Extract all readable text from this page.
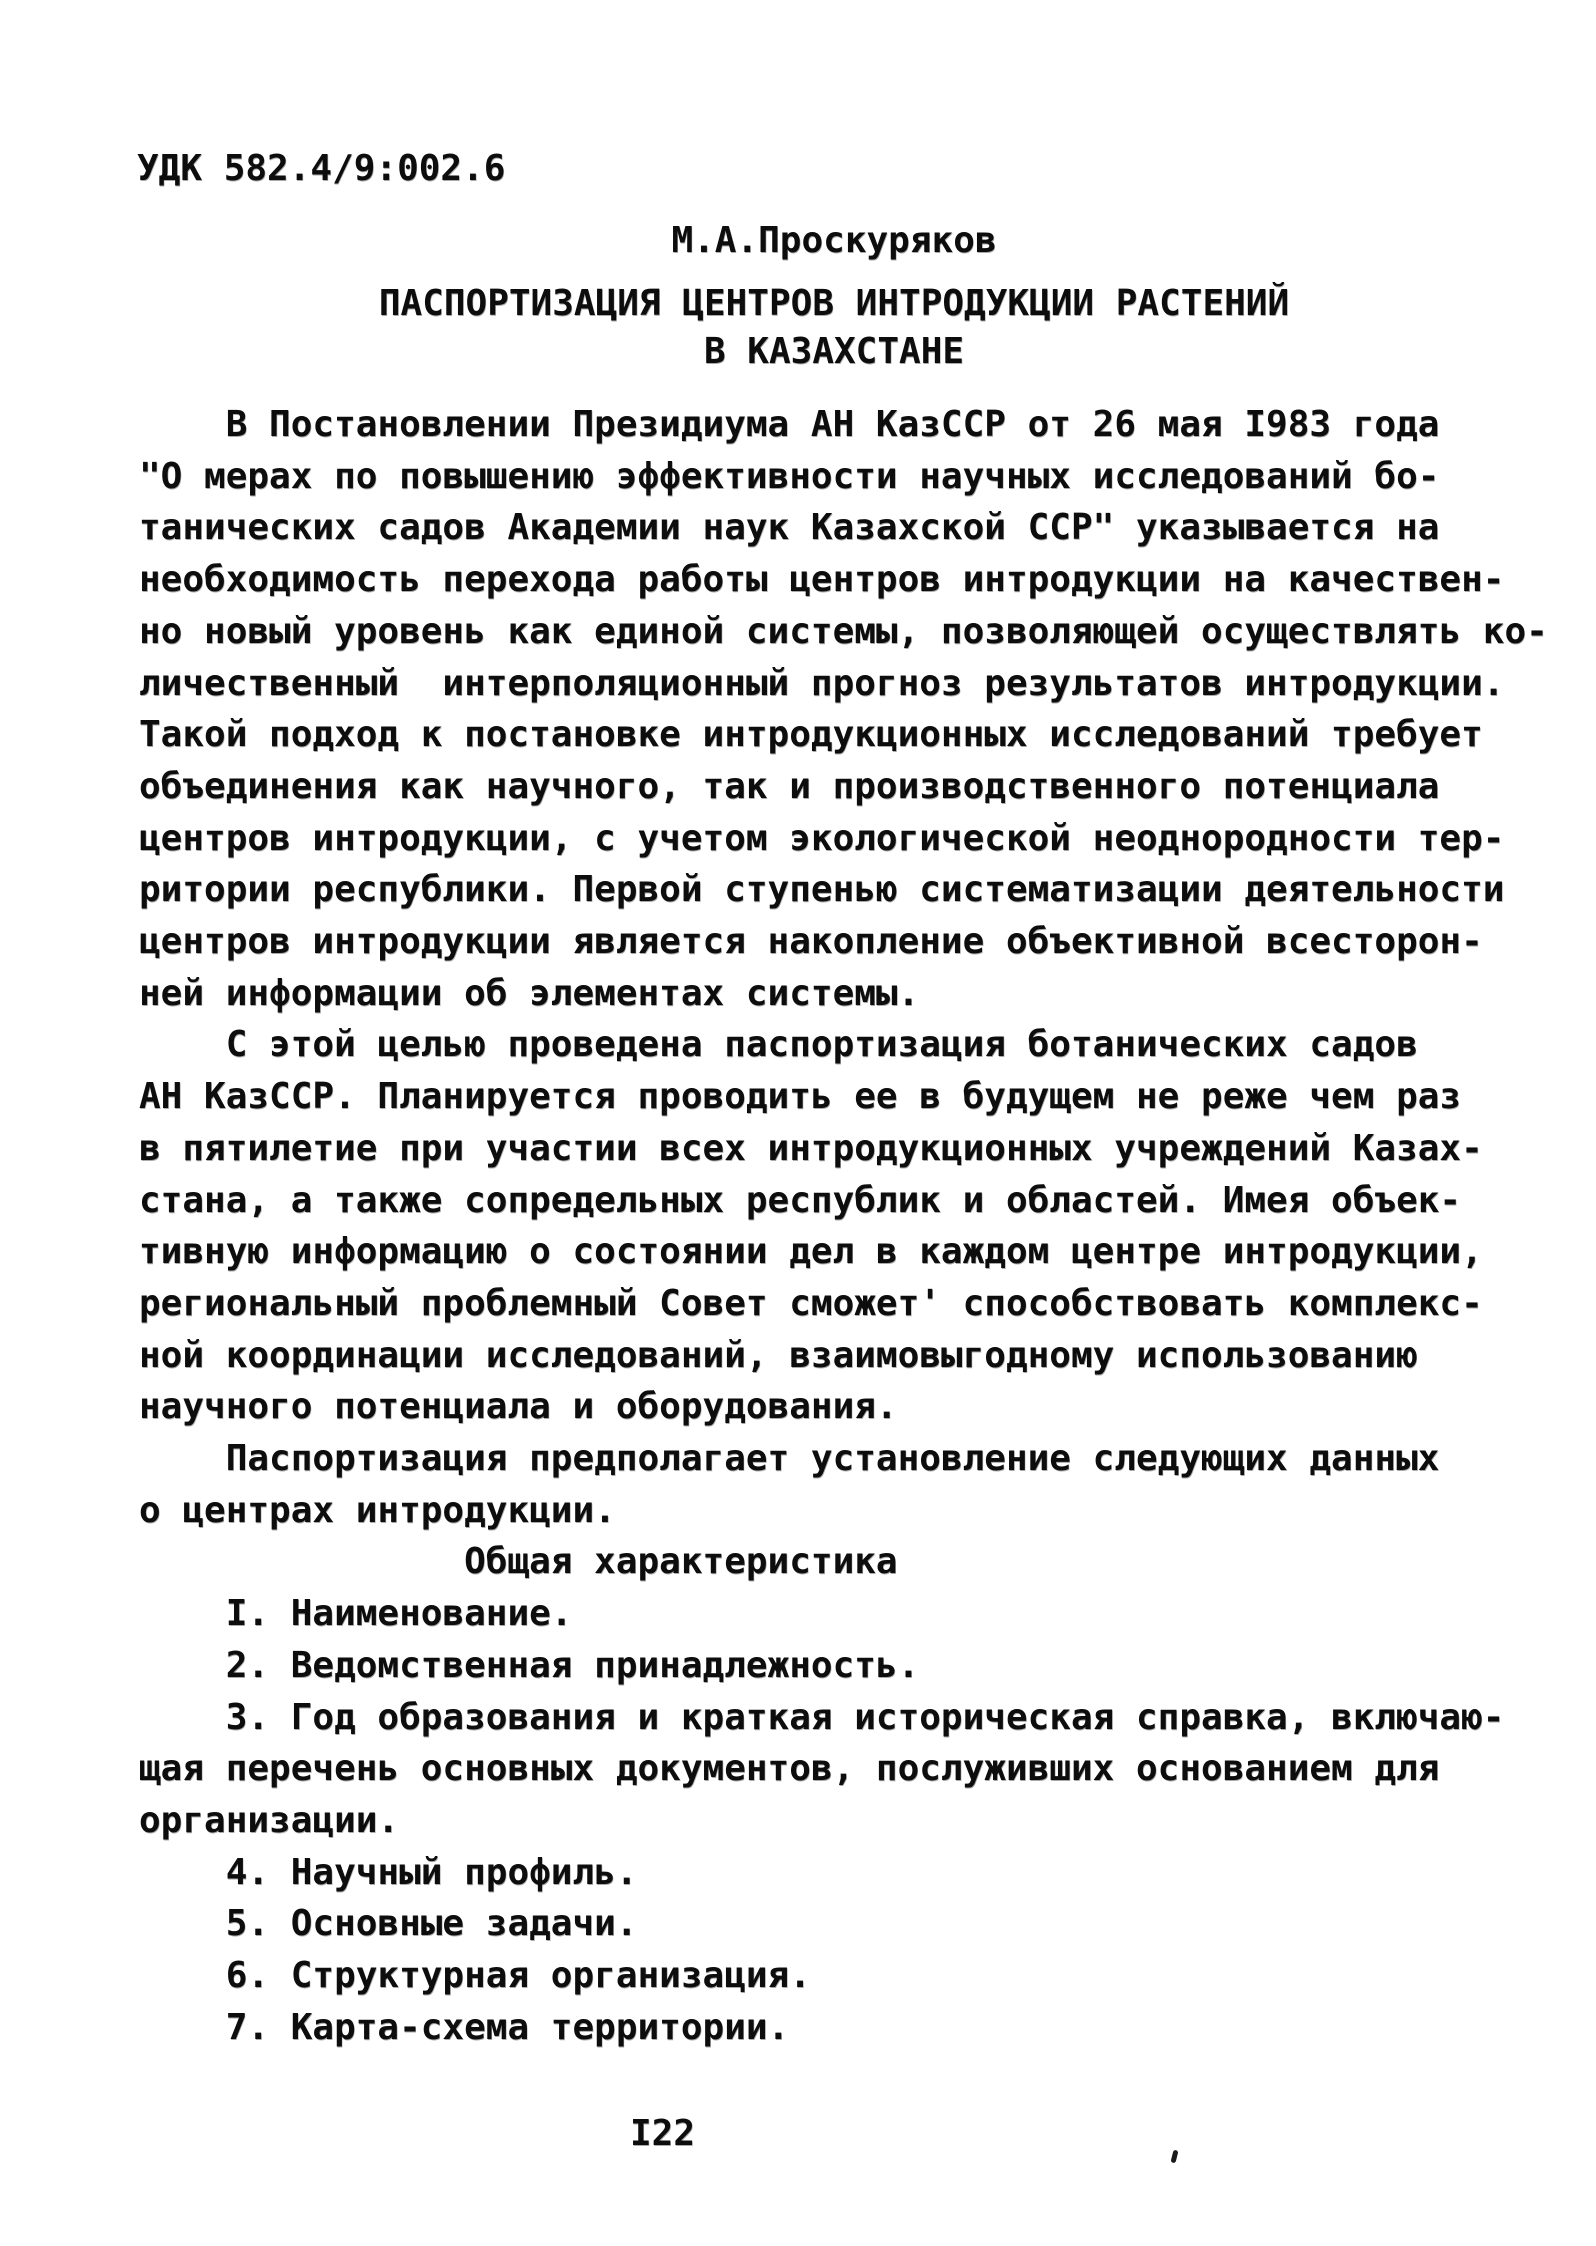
УДК 582.4/9:002.6
М.А.Проскуряков
ПАСПОРТИЗАЦИЯ ЦЕНТРОВ ИНТРОДУКЦИИ РАСТЕНИЙ
В КАЗАХСТАНЕ
В Постановлении Президиума АН КазССР от 26 мая I983 года
"О мерах по повышению эффективности научных исследований бо-
танических садов Академии наук Казахской ССР" указывается на
необходимость перехода работы центров интродукции на качествен-
но новый уровень как единой системы, позволяющей осуществлять ко-
личественный  интерполяционный прогноз результатов интродукции.
Такой подход к постановке интродукционных исследований требует
объединения как научного, так и производственного потенциала
центров интродукции, с учетом экологической неоднородности тер-
ритории республики. Первой ступенью систематизации деятельности
центров интродукции является накопление объективной всесторон-
ней информации об элементах системы.
С этой целью проведена паспортизация ботанических садов
АН КазССР. Планируется проводить ее в будущем не реже чем раз
в пятилетие при участии всех интродукционных учреждений Казах-
стана, а также сопредельных республик и областей. Имея объек-
тивную информацию о состоянии дел в каждом центре интродукции,
региональный проблемный Совет сможет' способствовать комплекс-
ной координации исследований, взаимовыгодному использованию
научного потенциала и оборудования.
Паспортизация предполагает установление следующих данных
о центрах интродукции.
Общая характеристика
I. Наименование.
2. Ведомственная принадлежность.
3. Год образования и краткая историческая справка, включаю-
щая перечень основных документов, послуживших основанием для
организации.
4. Научный профиль.
5. Основные задачи.
6. Структурная организация.
7. Карта-схема территории.
I22
